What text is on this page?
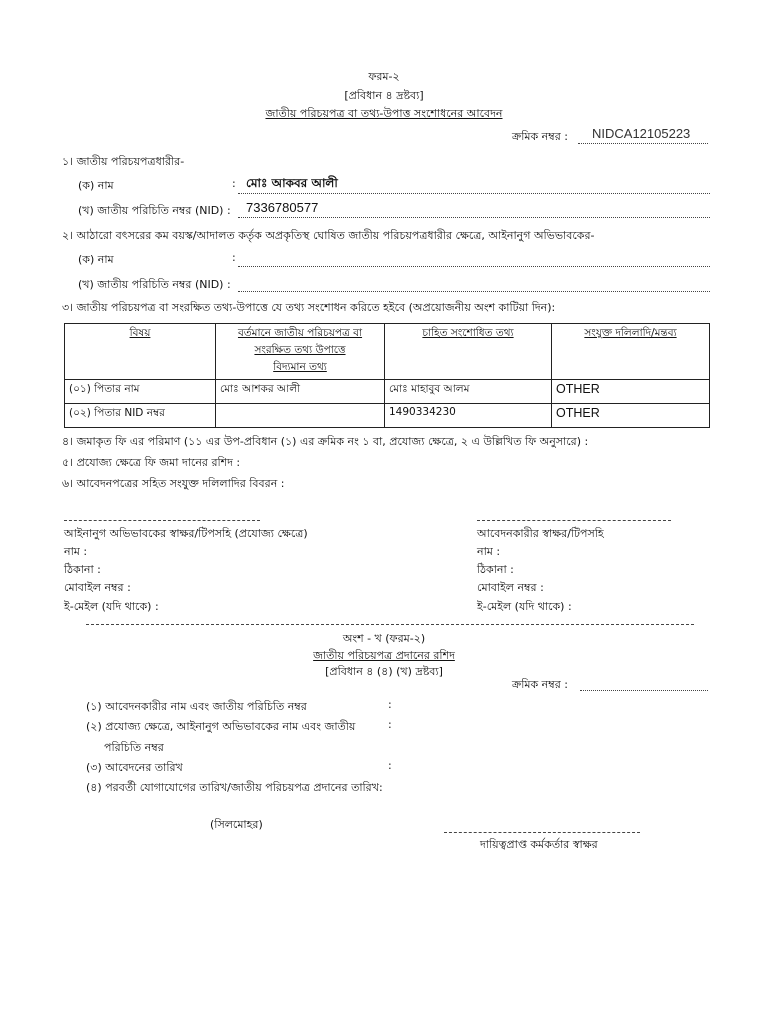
ফরম-২
[প্রবিধান ৪ দ্রষ্টব্য]
জাতীয় পরিচয়পত্র বা তথ্য-উপাত্ত সংশোধনের আবেদন
ক্রমিক নম্বর : NIDCA12105223
১। জাতীয় পরিচয়পত্রধারীর-
(ক) নাম	: মোঃ আকবর আলী
(খ) জাতীয় পরিচিতি নম্বর (NID) : 7336780577
২। আঠারো বৎসরের কম বয়স্ক/আদালত কর্তৃক অপ্রকৃতিস্থ ঘোষিত জাতীয় পরিচয়পত্রধারীর ক্ষেত্রে, আইনানুগ অভিভাবকের-
(ক) নাম	:
(খ) জাতীয় পরিচিতি নম্বর (NID) :
৩। জাতীয় পরিচয়পত্র বা সংরক্ষিত তথ্য-উপাত্তে যে তথ্য সংশোধন করিতে হইবে (অপ্রয়োজনীয় অংশ কাটিয়া দিন):
বিষয়	বর্তমানে জাতীয় পরিচয়পত্র বা
সংরক্ষিত তথ্য উপাত্তে
বিদ্যমান তথ্য	চাহিত সংশোধিত তথ্য	সংযুক্ত দলিলাদি/মন্তব্য
(০১) পিতার নাম	মোঃ আশকর আলী	মোঃ মাহাবুব আলম	OTHER
(০২) পিতার NID নম্বর		1490334230	OTHER
৪। জমাকৃত ফি এর পরিমাণ (১১ এর উপ-প্রবিধান (১) এর ক্রমিক নং ১ বা, প্রযোজ্য ক্ষেত্রে, ২ এ উল্লিখিত ফি অনুসারে) :
৫। প্রযোজ্য ক্ষেত্রে ফি জমা দানের রশিদ :
৬। আবেদনপত্রের সহিত সংযুক্ত দলিলাদির বিবরন :
আইনানুগ অভিভাবকের স্বাক্ষর/টিপসহি (প্রযোজ্য ক্ষেত্রে)
নাম :
ঠিকানা :
মোবাইল নম্বর :
ই-মেইল (যদি থাকে) :
আবেদনকারীর স্বাক্ষর/টিপসহি
নাম :
ঠিকানা :
মোবাইল নম্বর :
ই-মেইল (যদি থাকে) :
অংশ - খ (ফরম-২)
জাতীয় পরিচয়পত্র প্রদানের রশিদ
[প্রবিধান ৪ (৪) (খ) দ্রষ্টব্য]
ক্রমিক নম্বর :
(১) আবেদনকারীর নাম এবং জাতীয় পরিচিতি নম্বর	:
(২) প্রযোজ্য ক্ষেত্রে, আইনানুগ অভিভাবকের নাম এবং জাতীয়	:
পরিচিতি নম্বর
(৩) আবেদনের তারিখ	:
(৪) পরবর্তী যোগাযোগের তারিখ/জাতীয় পরিচয়পত্র প্রদানের তারিখ:
(সিলমোহর)
দায়িত্বপ্রাপ্ত কর্মকর্তার স্বাক্ষর
